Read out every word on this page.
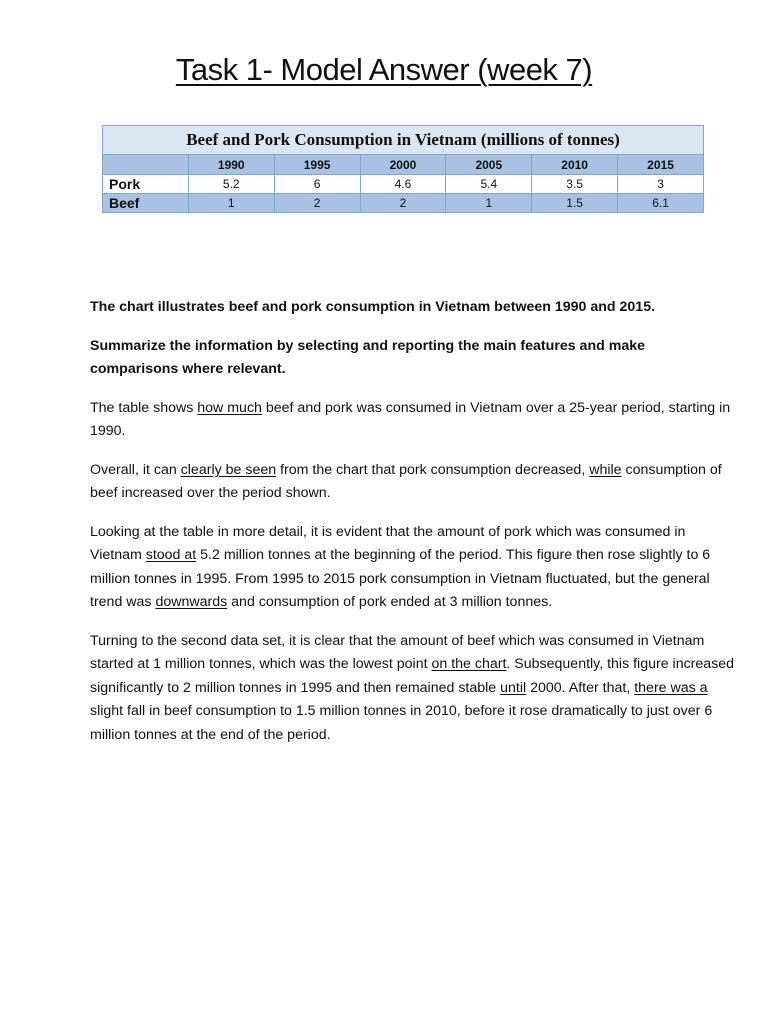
Task 1- Model Answer (week 7)
Beef and Pork Consumption in Vietnam (millions of tonnes)						
	1990	1995	2000	2005	2010	2015
Pork	5.2	6	4.6	5.4	3.5	3
Beef	1	2	2	1	1.5	6.1

The chart illustrates beef and pork consumption in Vietnam between 1990 and 2015.

Summarize the information by selecting and reporting the main features and make comparisons where relevant.

The table shows how much beef and pork was consumed in Vietnam over a 25-year period, starting in 1990.

Overall, it can clearly be seen from the chart that pork consumption decreased, while consumption of beef increased over the period shown.

Looking at the table in more detail, it is evident that the amount of pork which was consumed in Vietnam stood at 5.2 million tonnes at the beginning of the period. This figure then rose slightly to 6 million tonnes in 1995. From 1995 to 2015 pork consumption in Vietnam fluctuated, but the general trend was downwards and consumption of pork ended at 3 million tonnes.

Turning to the second data set, it is clear that the amount of beef which was consumed in Vietnam started at 1 million tonnes, which was the lowest point on the chart. Subsequently, this figure increased significantly to 2 million tonnes in 1995 and then remained stable until 2000. After that, there was a slight fall in beef consumption to 1.5 million tonnes in 2010, before it rose dramatically to just over 6 million tonnes at the end of the period.
